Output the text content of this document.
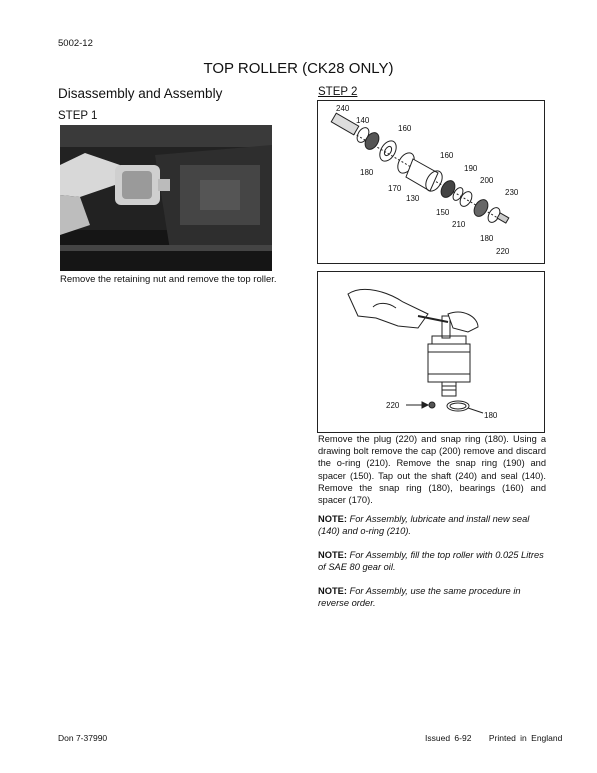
5002-12
TOP ROLLER (CK28 ONLY)
Disassembly and Assembly
STEP 1
STEP 2
Remove the retaining nut and remove the top roller.
240
140
160
160
190
180
200
170	230
130
150
210
180
220
220
180
Remove the plug (220) and snap ring (180). Using a drawing bolt remove the cap (200) remove and discard the o-ring (210). Remove the snap ring (190) and spacer (150). Tap out the shaft (240) and seal (140). Remove the snap ring (180), bearings (160) and spacer (170).
NOTE: For Assembly, lubricate and install new seal (140) and o-ring (210).
NOTE: For Assembly, fill the top roller with 0.025 Litres of SAE 80 gear oil.
NOTE: For Assembly, use the same procedure in reverse order.
Don 7-37990	Issued 6-92 Printed in England
